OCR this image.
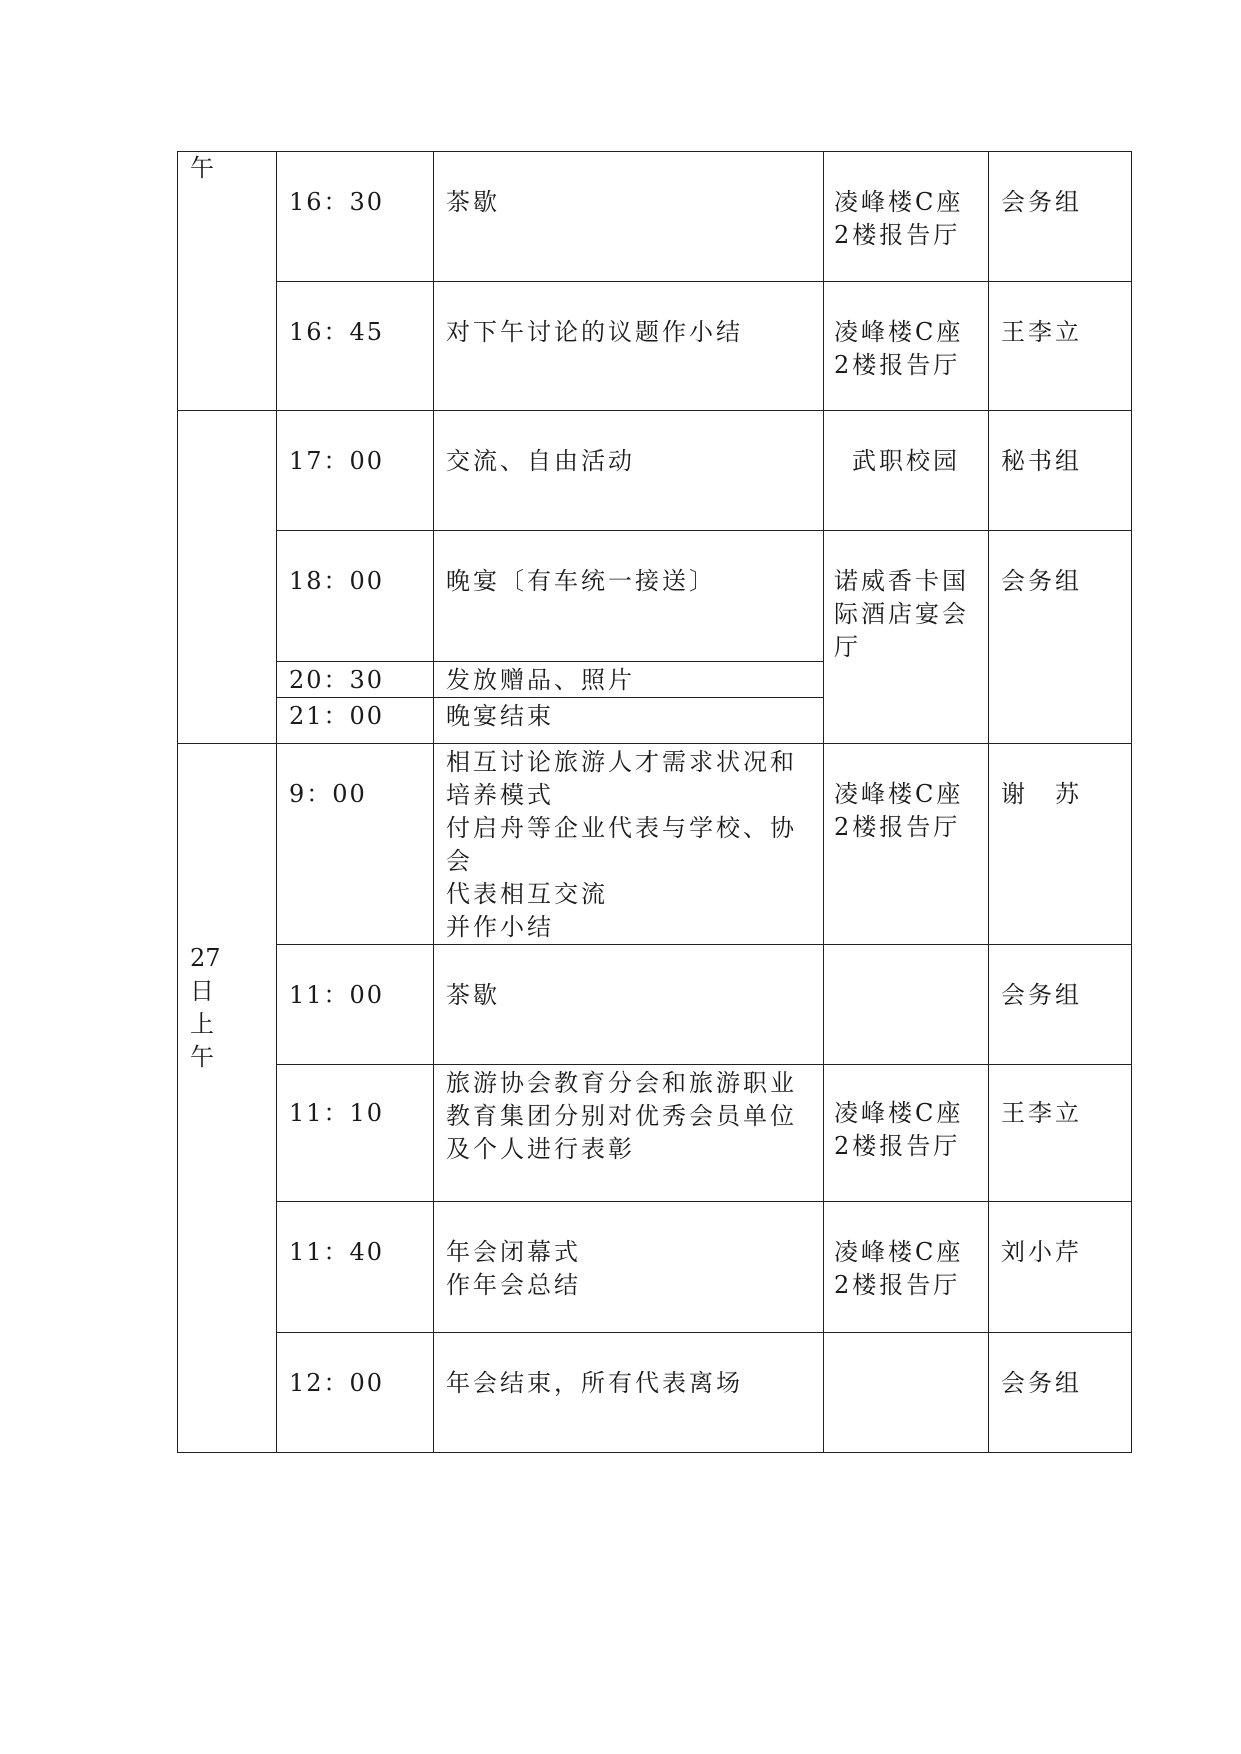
午	16：30	茶歇	凌峰楼C座
2楼报告厅	会务组
	16：45	对下午讨论的议题作小结	凌峰楼C座
2楼报告厅	王李立
	17：00	交流、自由活动	武职校园	秘书组
	18：00	晚宴〔有车统一接送〕	诺威香卡国
际酒店宴会
厅	会务组
	20：30	发放赠品、照片		

	21：00	晚宴结束		

27
日
上
午	9：00	相互讨论旅游人才需求状况和
培养模式
付启舟等企业代表与学校、协会
代表相互交流
并作小结	凌峰楼C座
2楼报告厅	谢　苏
	11：00	茶歇		会务组
	11：10	旅游协会教育分会和旅游职业
教育集团分别对优秀会员单位
及个人进行表彰	凌峰楼C座
2楼报告厅	王李立
	11：40	年会闭幕式
作年会总结	凌峰楼C座
2楼报告厅	刘小芹
	12：00	年会结束，所有代表离场		会务组
